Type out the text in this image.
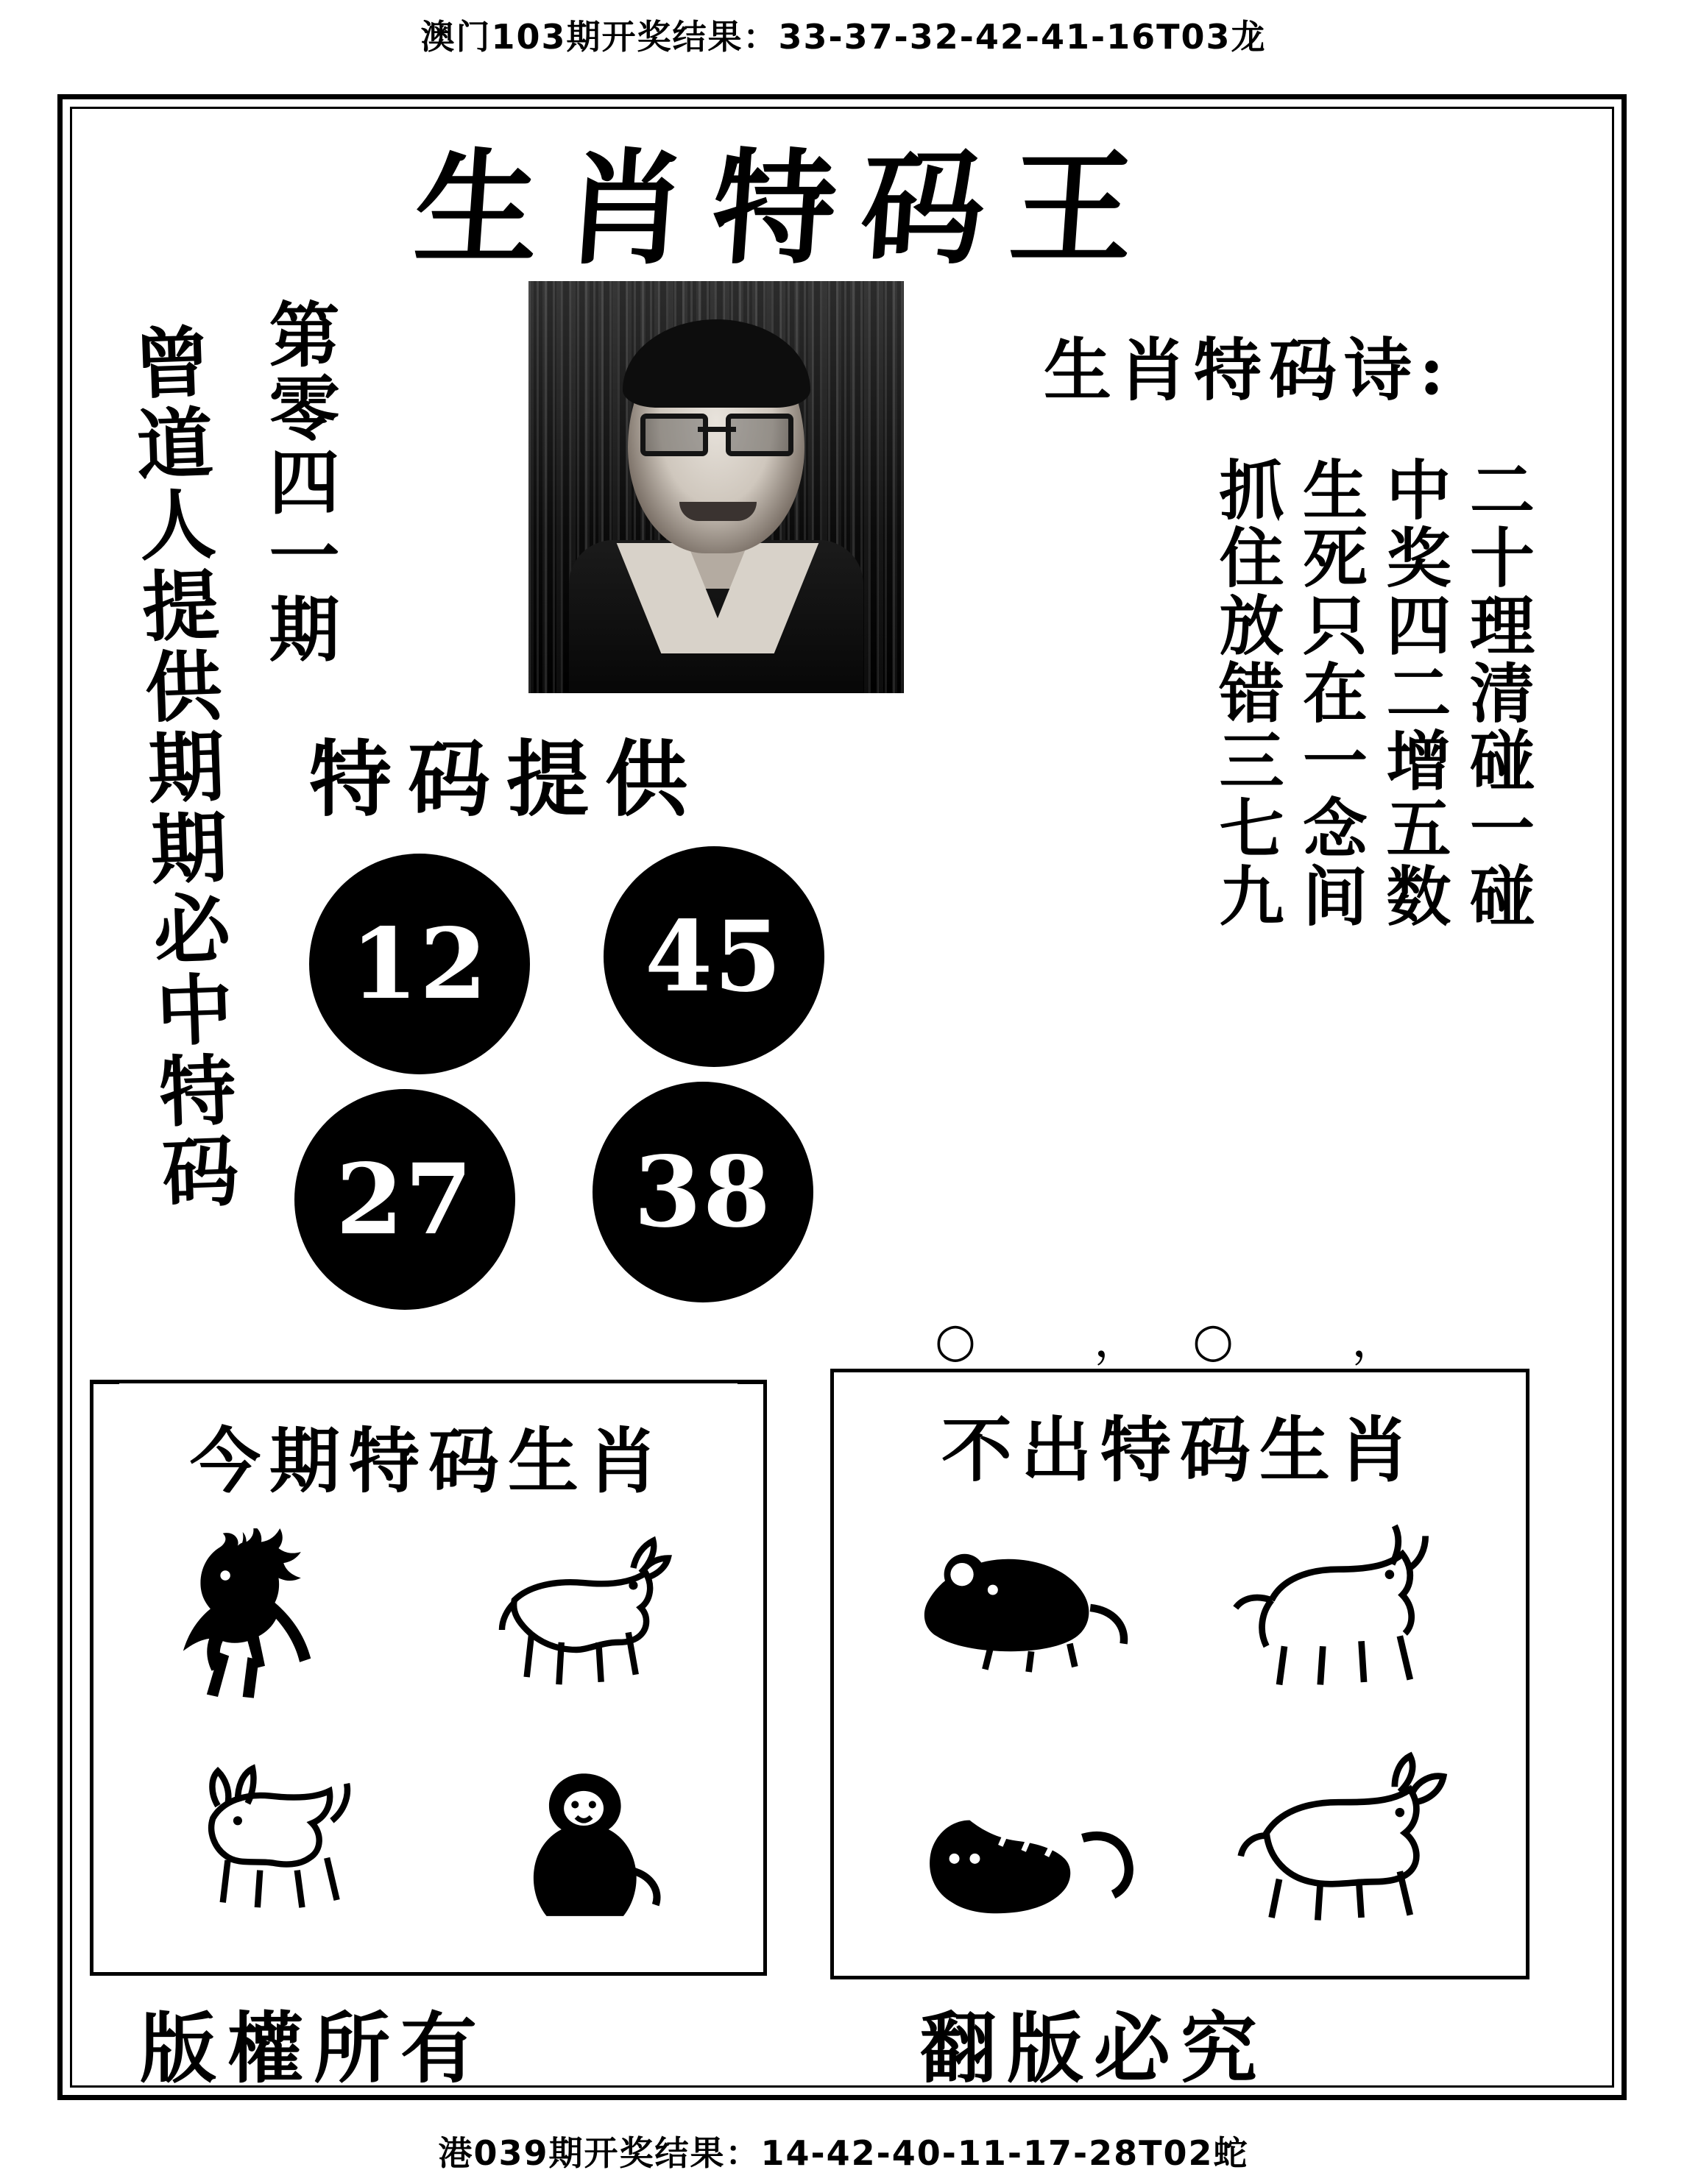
澳门103期开奖结果：33-37-32-42-41-16T03龙
生肖特码王
曾道人提供期期必中特码 第零四一期	生肖特码诗:
二十理清碰一碰
中奖四二增五数
生死只在一念间
抓住放错三七九
○ ，○ ，
特码提供
12	45
27	38
今期特码生肖	不出特码生肖
版權所有	翻版必究
港039期开奖结果：14-42-40-11-17-28T02蛇
